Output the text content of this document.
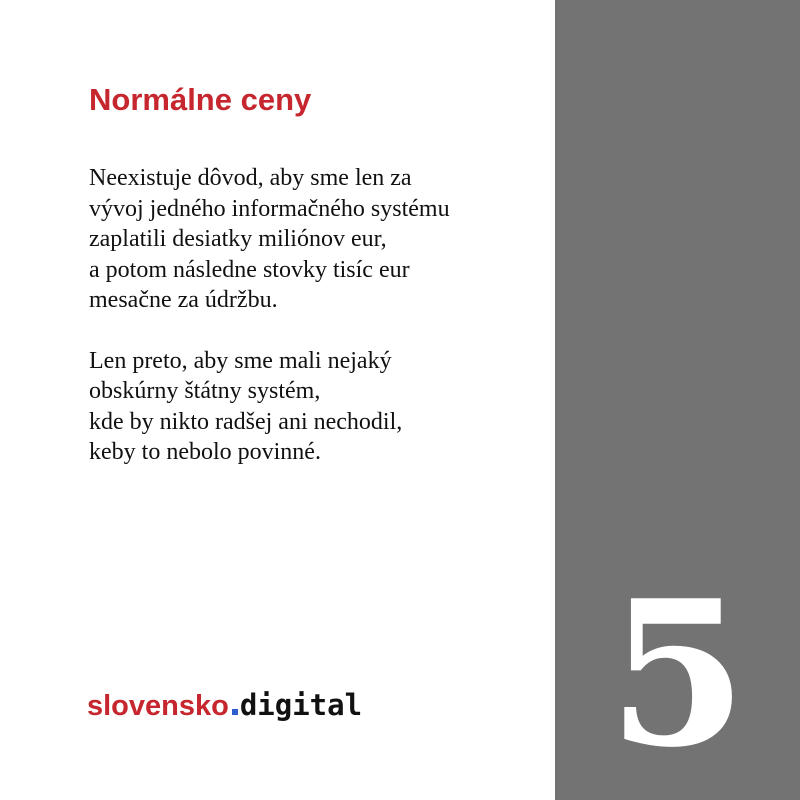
Normálne ceny

Neexistuje dôvod, aby sme len za
vývoj jedného informačného systému
zaplatili desiatky miliónov eur,
a potom následne stovky tisíc eur
mesačne za údržbu.

Len preto, aby sme mali nejaký
obskúrny štátny systém,
kde by nikto radšej ani nechodil,
keby to nebolo povinné.

slovensko digital 5
